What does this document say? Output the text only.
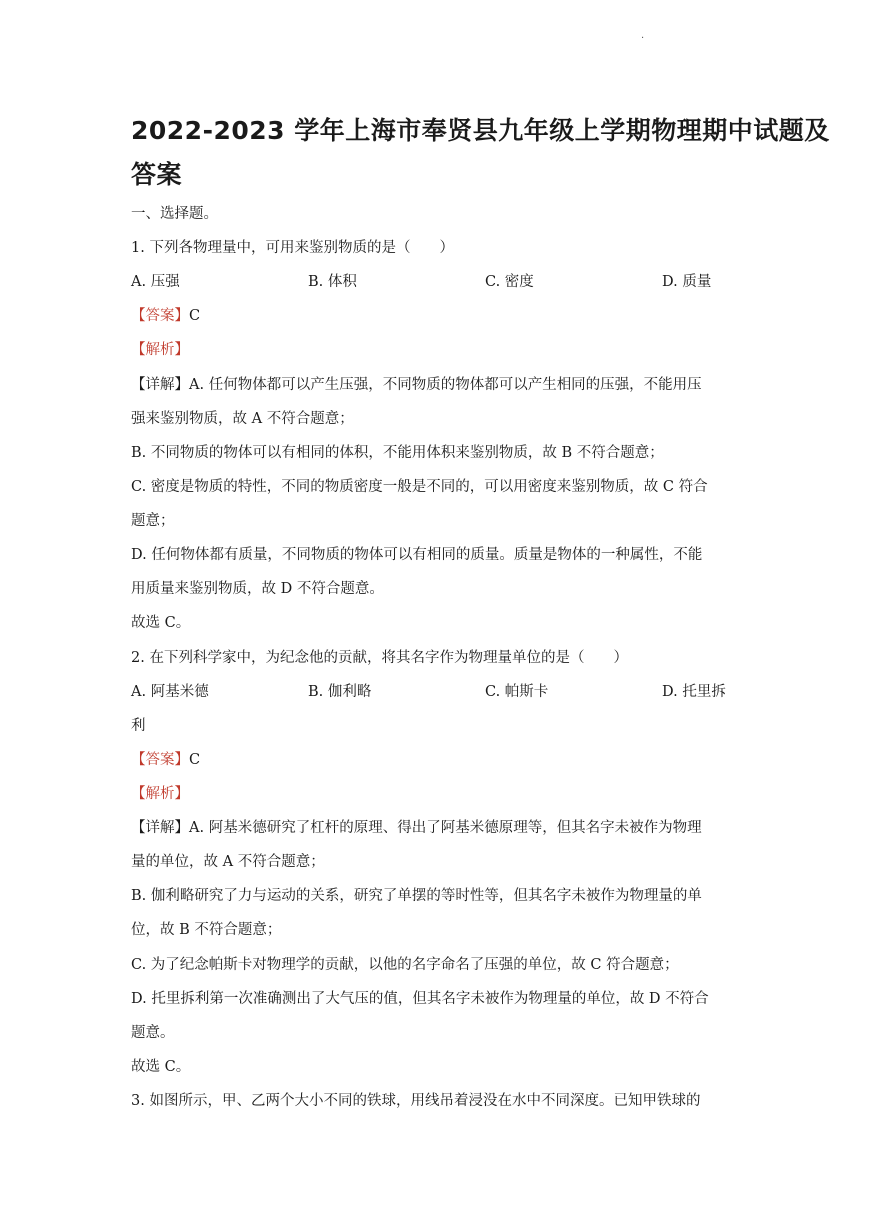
.
2022-2023 学年上海市奉贤县九年级上学期物理期中试题及
答案
一、选择题。
1. 下列各物理量中，可用来鉴别物质的是（　　）
A. 压强	B. 体积	C. 密度	D. 质量
【答案】C
【解析】
【详解】A. 任何物体都可以产生压强，不同物质的物体都可以产生相同的压强，不能用压
强来鉴别物质，故 A 不符合题意；
B. 不同物质的物体可以有相同的体积，不能用体积来鉴别物质，故 B 不符合题意；
C. 密度是物质的特性，不同的物质密度一般是不同的，可以用密度来鉴别物质，故 C 符合
题意；
D. 任何物体都有质量，不同物质的物体可以有相同的质量。质量是物体的一种属性，不能
用质量来鉴别物质，故 D 不符合题意。
故选 C。
2. 在下列科学家中，为纪念他的贡献，将其名字作为物理量单位的是（　　）
A. 阿基米德	B. 伽利略	C. 帕斯卡	D. 托里拆
利
【答案】C
【解析】
【详解】A. 阿基米德研究了杠杆的原理、得出了阿基米德原理等，但其名字未被作为物理
量的单位，故 A 不符合题意；
B. 伽利略研究了力与运动的关系，研究了单摆的等时性等，但其名字未被作为物理量的单
位，故 B 不符合题意；
C. 为了纪念帕斯卡对物理学的贡献，以他的名字命名了压强的单位，故 C 符合题意；
D. 托里拆利第一次准确测出了大气压的值，但其名字未被作为物理量的单位，故 D 不符合
题意。
故选 C。
3. 如图所示，甲、乙两个大小不同的铁球，用线吊着浸没在水中不同深度。已知甲铁球的
